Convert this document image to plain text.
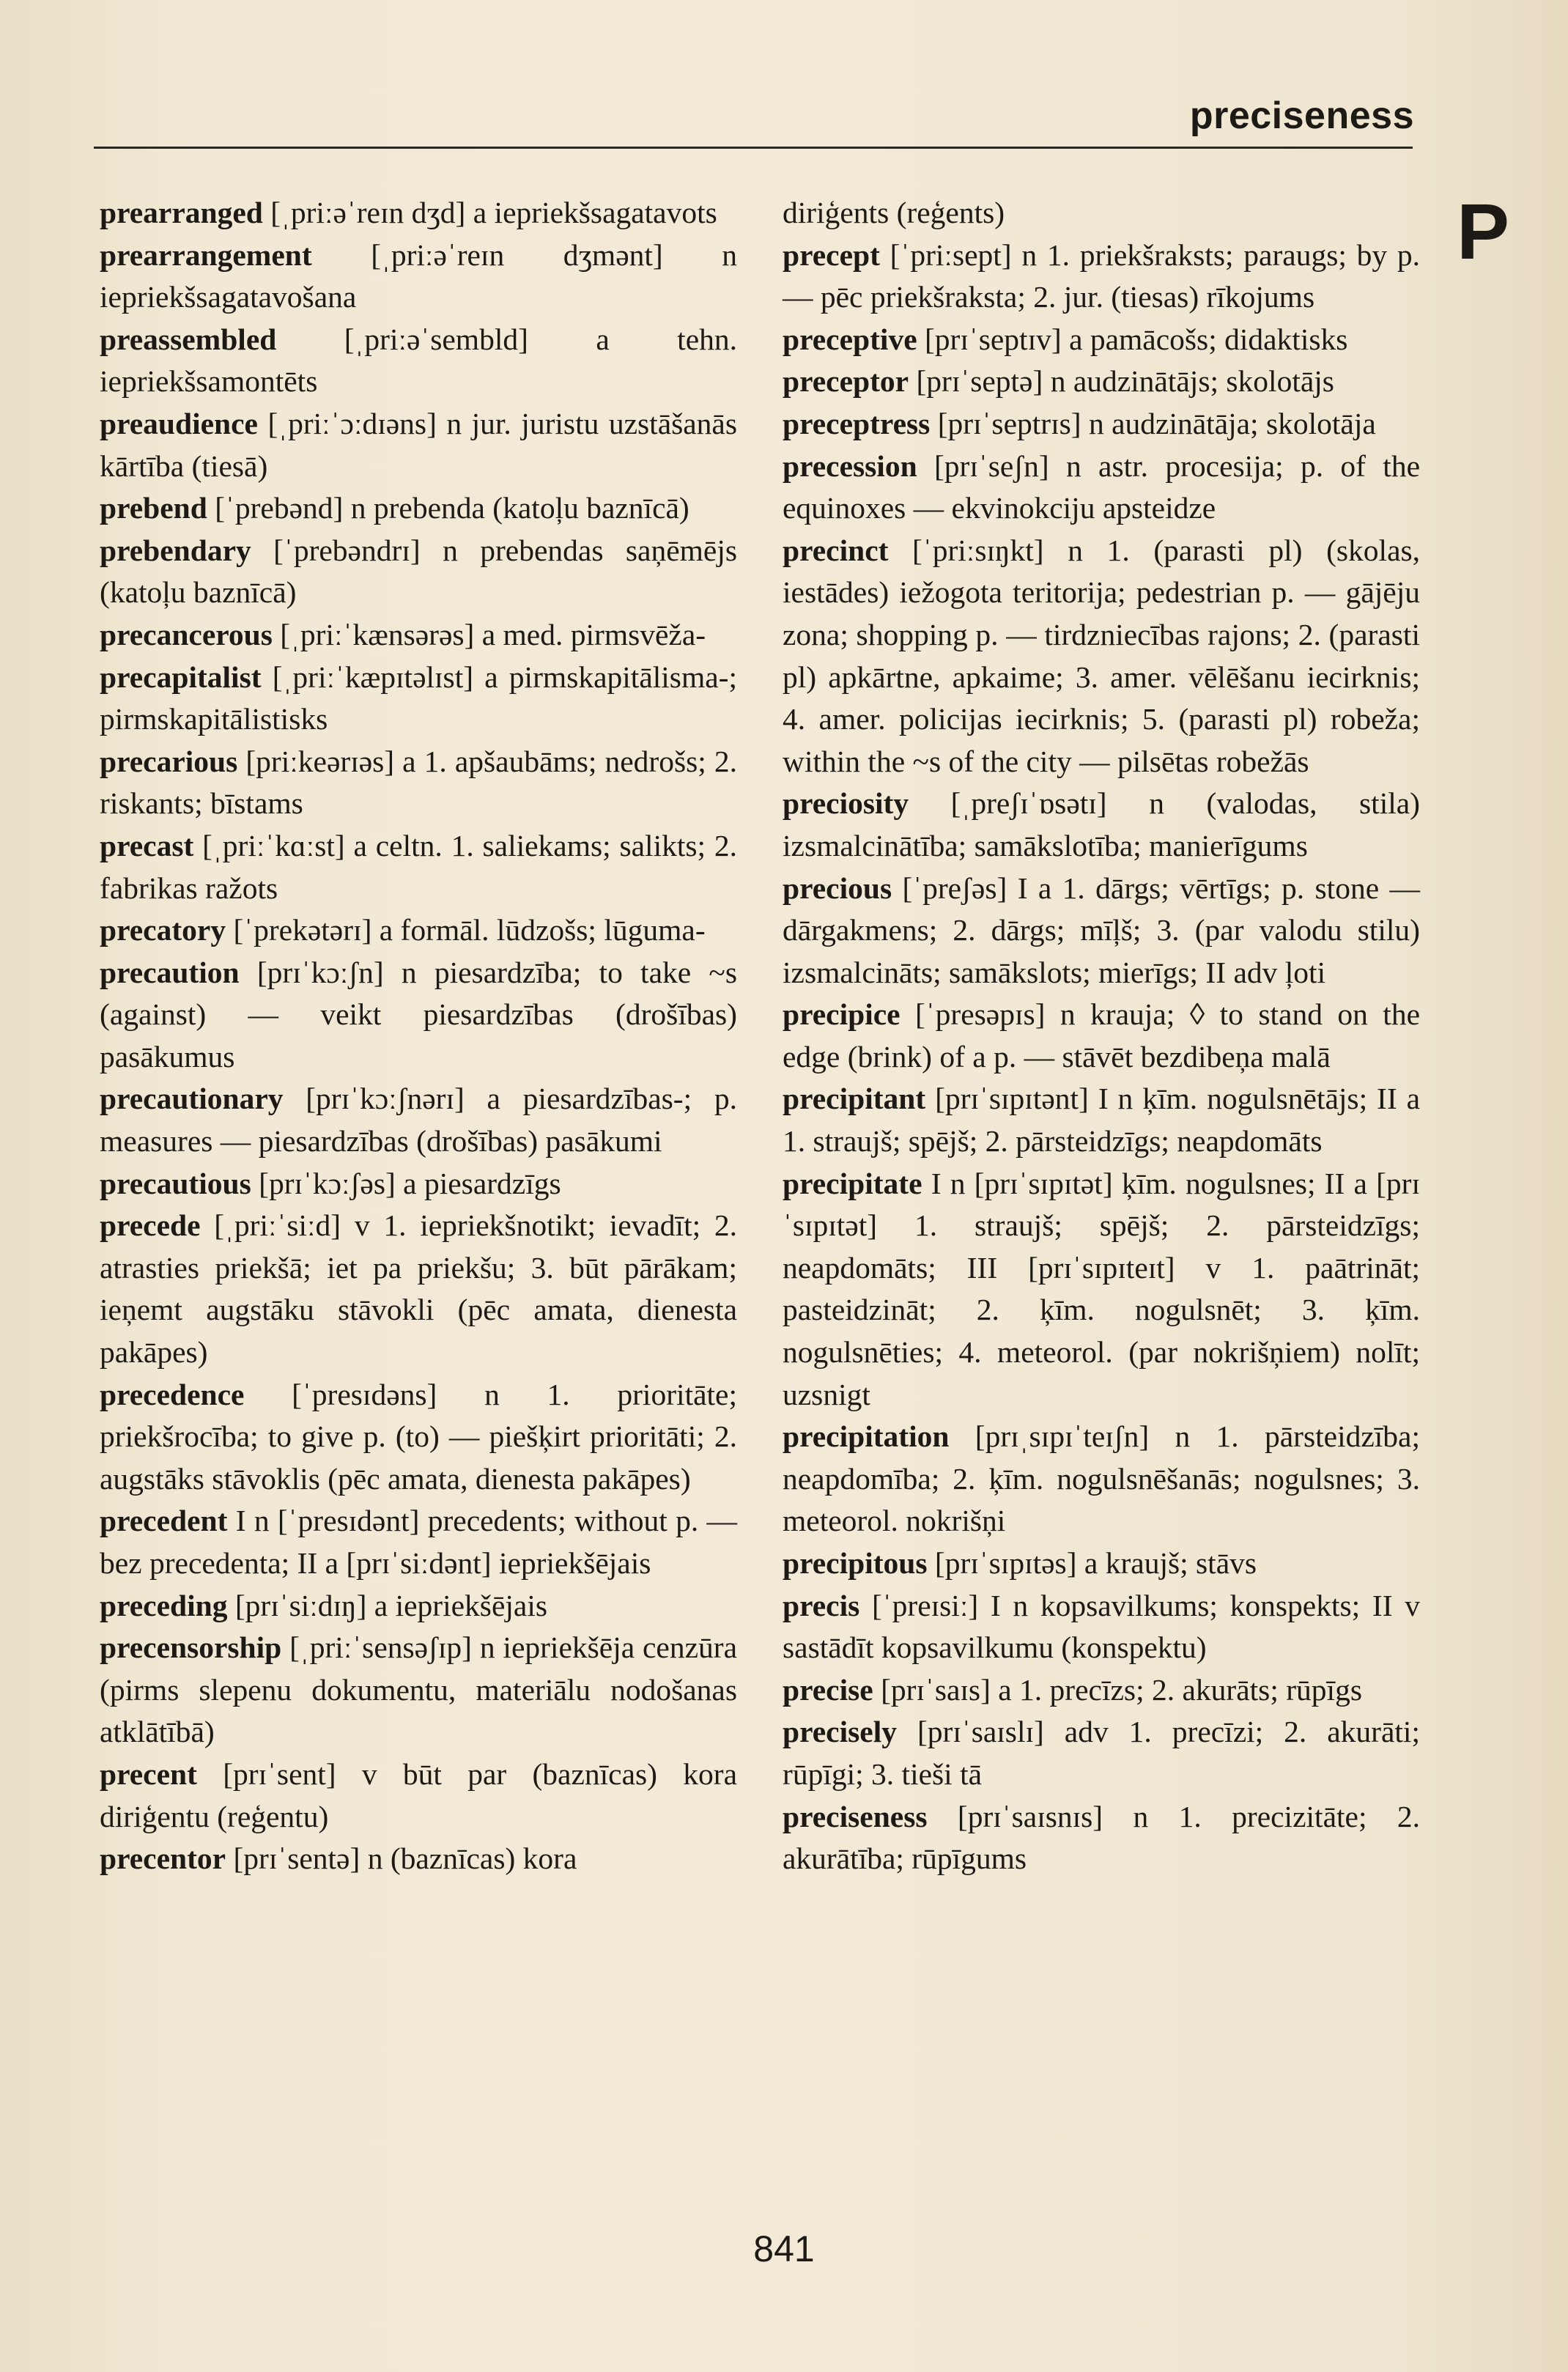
preciseness
P
prearranged [ˌpriːəˈreɪn dʒd] a iepriekšsagatavots
prearrangement [ˌpriːəˈreɪn dʒmənt] n iepriekšsagatavošana
preassembled [ˌpriːəˈsembld] a tehn. iepriekšsamontēts
preaudience [ˌpriːˈɔːdɪəns] n jur. juristu uzstāšanās kārtība (tiesā)
prebend [ˈprebənd] n prebenda (katoļu baznīcā)
prebendary [ˈprebəndrɪ] n prebendas saņēmējs (katoļu baznīcā)
precancerous [ˌpriːˈkænsərəs] a med. pirmsvēža-
precapitalist [ˌpriːˈkæpɪtəlɪst] a pirmskapitālisma-; pirmskapitālistisks
precarious [priːkeərɪəs] a 1. apšaubāms; nedrošs; 2. riskants; bīstams
precast [ˌpriːˈkɑːst] a celtn. 1. saliekams; salikts; 2. fabrikas ražots
precatory [ˈprekətərɪ] a formāl. lūdzošs; lūguma-
precaution [prɪˈkɔːʃn] n piesardzība; to take ~s (against) — veikt piesardzības (drošības) pasākumus
precautionary [prɪˈkɔːʃnərɪ] a piesardzības-; p. measures — piesardzības (drošības) pasākumi
precautious [prɪˈkɔːʃəs] a piesardzīgs
precede [ˌpriːˈsiːd] v 1. iepriekšnotikt; ievadīt; 2. atrasties priekšā; iet pa priekšu; 3. būt pārākam; ieņemt augstāku stāvokli (pēc amata, dienesta pakāpes)
precedence [ˈpresɪdəns] n 1. prioritāte; priekšrocība; to give p. (to) — piešķirt prioritāti; 2. augstāks stāvoklis (pēc amata, dienesta pakāpes)
precedent I n [ˈpresɪdənt] precedents; without p. — bez precedenta; II a [prɪˈsiːdənt] iepriekšējais
preceding [prɪˈsiːdɪŋ] a iepriekšējais
precensorship [ˌpriːˈsensəʃɪp] n iepriekšēja cenzūra (pirms slepenu dokumentu, materiālu nodošanas atklātībā)
precent [prɪˈsent] v būt par (baznīcas) kora diriģentu (reģentu)
precentor [prɪˈsentə] n (baznīcas) kora
diriģents (reģents)
precept [ˈpriːsept] n 1. priekšraksts; paraugs; by p. — pēc priekšraksta; 2. jur. (tiesas) rīkojums
preceptive [prɪˈseptɪv] a pamācošs; didaktisks
preceptor [prɪˈseptə] n audzinātājs; skolotājs
preceptress [prɪˈseptrɪs] n audzinātāja; skolotāja
precession [prɪˈseʃn] n astr. procesija; p. of the equinoxes — ekvinokciju apsteidze
precinct [ˈpriːsɪŋkt] n 1. (parasti pl) (skolas, iestādes) iežogota teritorija; pedestrian p. — gājēju zona; shopping p. — tirdzniecības rajons; 2. (parasti pl) apkārtne, apkaime; 3. amer. vēlēšanu iecirknis; 4. amer. policijas iecirknis; 5. (parasti pl) robeža; within the ~s of the city — pilsētas robežās
preciosity [ˌpreʃɪˈɒsətɪ] n (valodas, stila) izsmalcinātība; samākslotība; manierīgums
precious [ˈpreʃəs] I a 1. dārgs; vērtīgs; p. stone — dārgakmens; 2. dārgs; mīļš; 3. (par valodu stilu) izsmalcināts; samākslots; mierīgs; II adv ļoti
precipice [ˈpresəpɪs] n krauja; ◊ to stand on the edge (brink) of a p. — stāvēt bezdibeņa malā
precipitant [prɪˈsɪpɪtənt] I n ķīm. nogulsnētājs; II a 1. straujš; spējš; 2. pārsteidzīgs; neapdomāts
precipitate I n [prɪˈsɪpɪtət] ķīm. nogulsnes; II a [prɪˈsɪpɪtət] 1. straujš; spējš; 2. pārsteidzīgs; neapdomāts; III [prɪˈsɪpɪteɪt] v 1. paātrināt; pasteidzināt; 2. ķīm. nogulsnēt; 3. ķīm. nogulsnēties; 4. meteorol. (par nokrišņiem) nolīt; uzsnigt
precipitation [prɪˌsɪpɪˈteɪʃn] n 1. pārsteidzība; neapdomība; 2. ķīm. nogulsnēšanās; nogulsnes; 3. meteorol. nokrišņi
precipitous [prɪˈsɪpɪtəs] a kraujš; stāvs
precis [ˈpreɪsiː] I n kopsavilkums; konspekts; II v sastādīt kopsavilkumu (konspektu)
precise [prɪˈsaɪs] a 1. precīzs; 2. akurāts; rūpīgs
precisely [prɪˈsaɪslɪ] adv 1. precīzi; 2. akurāti; rūpīgi; 3. tieši tā
preciseness [prɪˈsaɪsnɪs] n 1. precizitāte; 2. akurātība; rūpīgums
841
